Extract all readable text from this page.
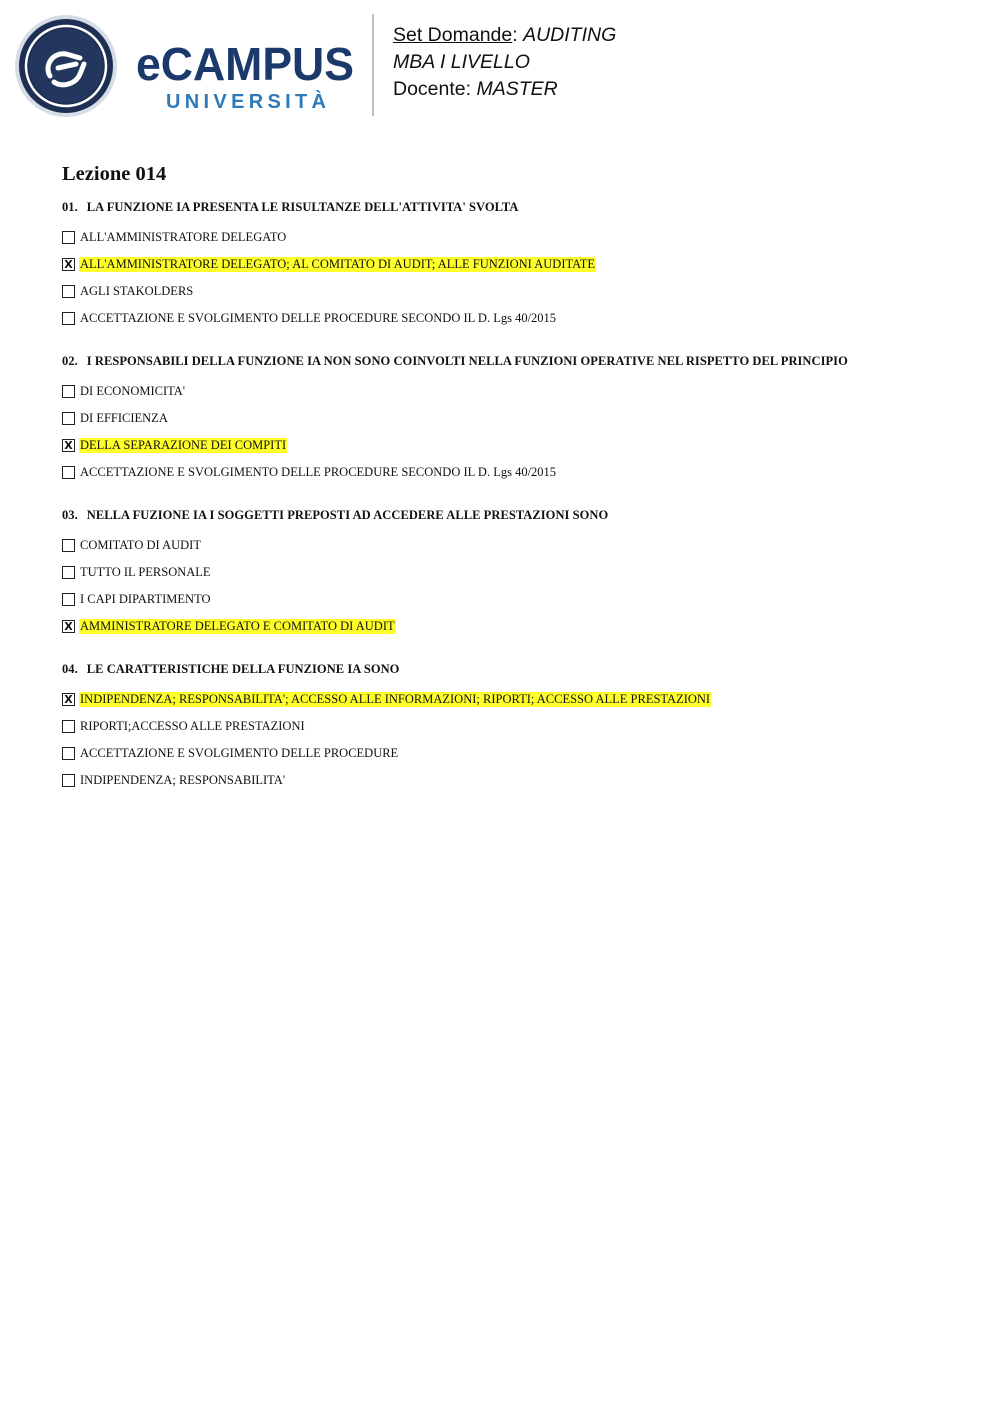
eCAMPUS
UNIVERSITÀ
Set Domande: AUDITING
MBA I LIVELLO
Docente: MASTER
Lezione 014
01. LA FUNZIONE IA PRESENTA LE RISULTANZE DELL'ATTIVITA' SVOLTA
ALL'AMMINISTRATORE DELEGATO
X ALL'AMMINISTRATORE DELEGATO; AL COMITATO DI AUDIT; ALLE FUNZIONI AUDITATE
AGLI STAKOLDERS
ACCETTAZIONE E SVOLGIMENTO DELLE PROCEDURE SECONDO IL D. Lgs 40/2015
02. I RESPONSABILI DELLA FUNZIONE IA NON SONO COINVOLTI NELLA FUNZIONI OPERATIVE NEL RISPETTO DEL PRINCIPIO
DI ECONOMICITA'
DI EFFICIENZA
X DELLA SEPARAZIONE DEI COMPITI
ACCETTAZIONE E SVOLGIMENTO DELLE PROCEDURE SECONDO IL D. Lgs 40/2015
03. NELLA FUZIONE IA I SOGGETTI PREPOSTI AD ACCEDERE ALLE PRESTAZIONI SONO
COMITATO DI AUDIT
TUTTO IL PERSONALE
I CAPI DIPARTIMENTO
X AMMINISTRATORE DELEGATO E COMITATO DI AUDIT
04. LE CARATTERISTICHE DELLA FUNZIONE IA SONO
X INDIPENDENZA; RESPONSABILITA'; ACCESSO ALLE INFORMAZIONI; RIPORTI; ACCESSO ALLE PRESTAZIONI
RIPORTI;ACCESSO ALLE PRESTAZIONI
ACCETTAZIONE E SVOLGIMENTO DELLE PROCEDURE
INDIPENDENZA; RESPONSABILITA'
